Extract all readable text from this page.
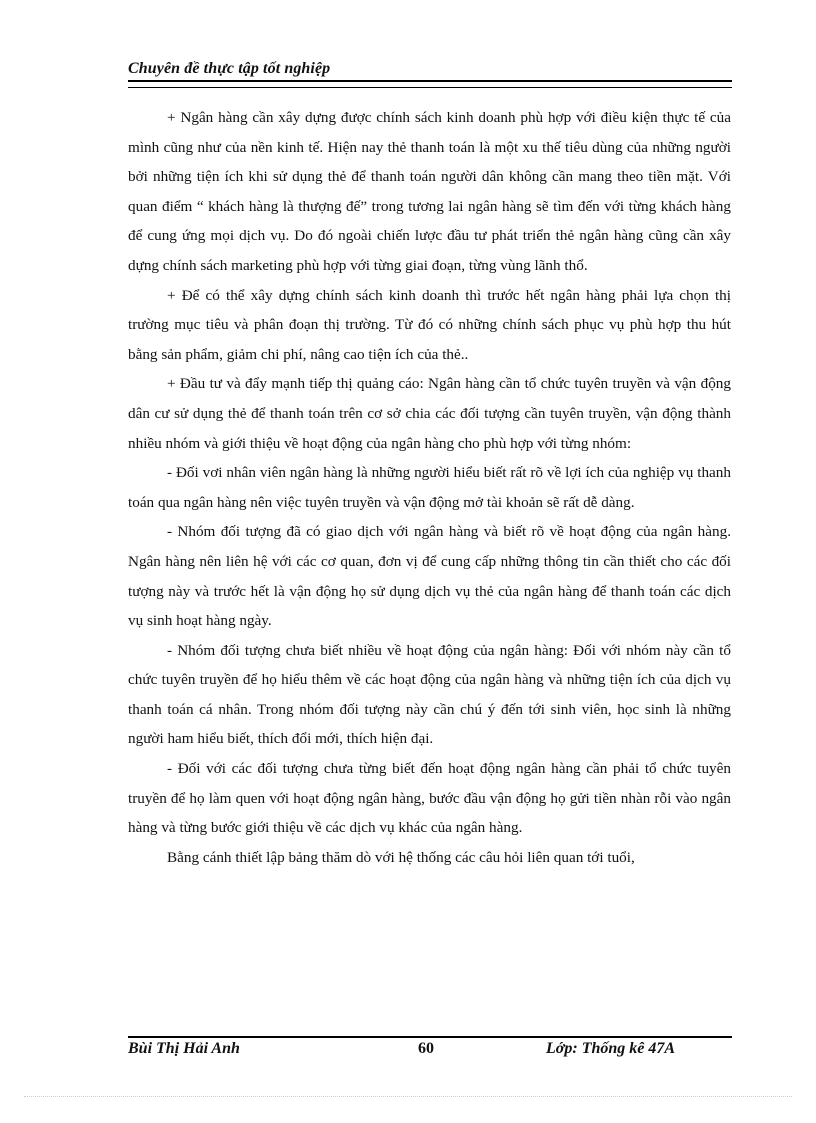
Chuyên đề thực tập tốt nghiệp

+ Ngân hàng cần xây dựng được chính sách kinh doanh phù hợp với điều kiện thực tế của mình cũng như của nền kinh tế. Hiện nay thẻ thanh toán là một xu thế tiêu dùng của những người bởi những tiện ích khi sử dụng thẻ để thanh toán người dân không cần mang theo tiền mặt. Với quan điểm “ khách hàng là thượng đế” trong tương lai ngân hàng sẽ tìm đến với từng khách hàng để cung ứng mọi dịch vụ. Do đó ngoài chiến lược đầu tư phát triển thẻ ngân hàng cũng cần xây dựng chính sách marketing phù hợp với từng giai đoạn, từng vùng lãnh thổ.

+ Để có thể xây dựng chính sách kinh doanh thì trước hết ngân hàng phải lựa chọn thị trường mục tiêu và phân đoạn thị trường. Từ đó có những chính sách phục vụ phù hợp thu hút bằng sản phẩm, giảm chi phí, nâng cao tiện ích của thẻ..

+ Đầu tư và đẩy mạnh tiếp thị quảng cáo: Ngân hàng cần tổ chức tuyên truyền và vận động dân cư sử dụng thẻ để thanh toán trên cơ sở chia các đối tượng cần tuyên truyền, vận động thành nhiều nhóm và giới thiệu về hoạt động của ngân hàng cho phù hợp với từng nhóm:

- Đối vơi nhân viên ngân hàng là những người hiểu biết rất rõ về lợi ích của nghiệp vụ thanh toán qua ngân hàng nên việc tuyên truyền và vận động mở tài khoản sẽ rất dễ dàng.

- Nhóm đối tượng đã có giao dịch với ngân hàng và biết rõ về hoạt động của ngân hàng. Ngân hàng nên liên hệ với các cơ quan, đơn vị để cung cấp những thông tin cần thiết cho các đối tượng này và trước hết là vận động họ sử dụng dịch vụ thẻ của ngân hàng để thanh toán các dịch vụ sinh hoạt hàng ngày.

- Nhóm đối tượng chưa biết nhiều về hoạt động của ngân hàng: Đối với nhóm này cần tổ chức tuyên truyền để họ hiểu thêm về các hoạt động của ngân hàng và những tiện ích của dịch vụ thanh toán cá nhân. Trong nhóm đối tượng này cần chú ý đến tới sinh viên, học sinh là những người ham hiểu biết, thích đổi mới, thích hiện đại.

- Đối với các đối tượng chưa từng biết đến hoạt động ngân hàng cần phải tổ chức tuyên truyền để họ làm quen với hoạt động ngân hàng, bước đầu vận động họ gửi tiền nhàn rỗi vào ngân hàng và từng bước giới thiệu về các dịch vụ khác của ngân hàng.

Bằng cánh thiết lập bảng thăm dò với hệ thống các câu hỏi liên quan tới tuổi,

Bùi Thị Hải Anh	60	Lớp: Thống kê 47A
